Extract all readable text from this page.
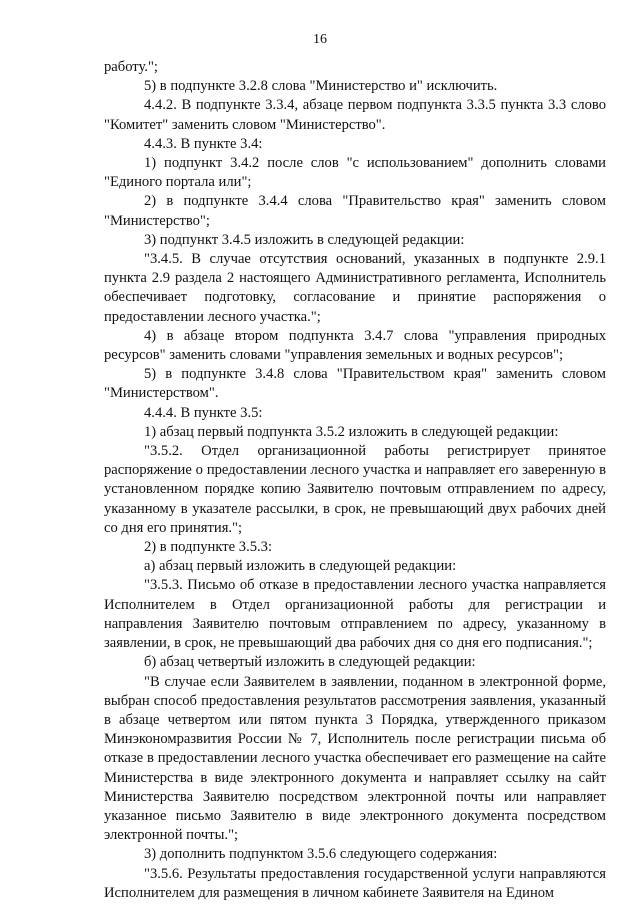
16

работу.";

5) в подпункте 3.2.8 слова "Министерство и" исключить.

4.4.2. В подпункте 3.3.4, абзаце первом подпункта 3.3.5 пункта 3.3 слово "Комитет" заменить словом "Министерство".

4.4.3. В пункте 3.4:

1) подпункт 3.4.2 после слов "с использованием" дополнить словами "Единого портала или";

2) в подпункте 3.4.4 слова "Правительство края" заменить словом "Министерство";

3) подпункт 3.4.5 изложить в следующей редакции:

"3.4.5. В случае отсутствия оснований, указанных в подпункте 2.9.1 пункта 2.9 раздела 2 настоящего Административного регламента, Исполнитель обеспечивает подготовку, согласование и принятие распоряжения о предоставлении лесного участка.";

4) в абзаце втором подпункта 3.4.7 слова "управления природных ресурсов" заменить словами "управления земельных и водных ресурсов";

5) в подпункте 3.4.8 слова "Правительством края" заменить словом "Министерством".

4.4.4. В пункте 3.5:

1) абзац первый подпункта 3.5.2 изложить в следующей редакции:

"3.5.2. Отдел организационной работы регистрирует принятое распоряжение о предоставлении лесного участка и направляет его заверенную в установленном порядке копию Заявителю почтовым отправлением по адресу, указанному в указателе рассылки, в срок, не превышающий двух рабочих дней со дня его принятия.";

2) в подпункте 3.5.3:

а) абзац первый изложить в следующей редакции:

"3.5.3. Письмо об отказе в предоставлении лесного участка направляется Исполнителем в Отдел организационной работы для регистрации и направления Заявителю почтовым отправлением по адресу, указанному в заявлении, в срок, не превышающий два рабочих дня со дня его подписания.";

б) абзац четвертый изложить в следующей редакции:

"В случае если Заявителем в заявлении, поданном в электронной форме, выбран способ предоставления результатов рассмотрения заявления, указанный в абзаце четвертом или пятом пункта 3 Порядка, утвержденного приказом Минэкономразвития России № 7, Исполнитель после регистрации письма об отказе в предоставлении лесного участка обеспечивает его размещение на сайте Министерства в виде электронного документа и направляет ссылку на сайт Министерства Заявителю посредством электронной почты или направляет указанное письмо Заявителю в виде электронного документа посредством электронной почты.";

3) дополнить подпунктом 3.5.6 следующего содержания:

"3.5.6. Результаты предоставления государственной услуги направляются Исполнителем для размещения в личном кабинете Заявителя на Едином
